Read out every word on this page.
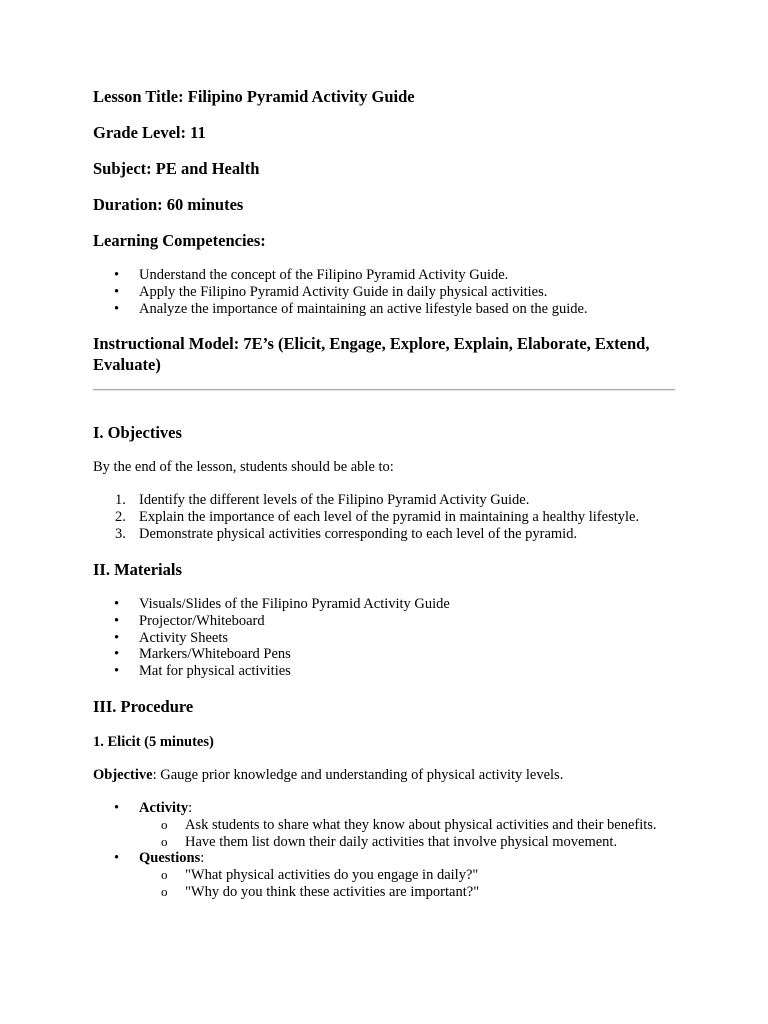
Lesson Title: Filipino Pyramid Activity Guide

Grade Level: 11

Subject: PE and Health

Duration: 60 minutes

Learning Competencies:

•	Understand the concept of the Filipino Pyramid Activity Guide.
•	Apply the Filipino Pyramid Activity Guide in daily physical activities.
•	Analyze the importance of maintaining an active lifestyle based on the guide.

Instructional Model: 7E’s (Elicit, Engage, Explore, Explain, Elaborate, Extend, Evaluate)

I. Objectives

By the end of the lesson, students should be able to:

1. Identify the different levels of the Filipino Pyramid Activity Guide.
2. Explain the importance of each level of the pyramid in maintaining a healthy lifestyle.
3. Demonstrate physical activities corresponding to each level of the pyramid.

II. Materials

•	Visuals/Slides of the Filipino Pyramid Activity Guide
•	Projector/Whiteboard
•	Activity Sheets
•	Markers/Whiteboard Pens
•	Mat for physical activities

III. Procedure

1. Elicit (5 minutes)

Objective: Gauge prior knowledge and understanding of physical activity levels.

•	Activity:
o	Ask students to share what they know about physical activities and their benefits.
o	Have them list down their daily activities that involve physical movement.
•	Questions:
o	"What physical activities do you engage in daily?"
o	"Why do you think these activities are important?"
